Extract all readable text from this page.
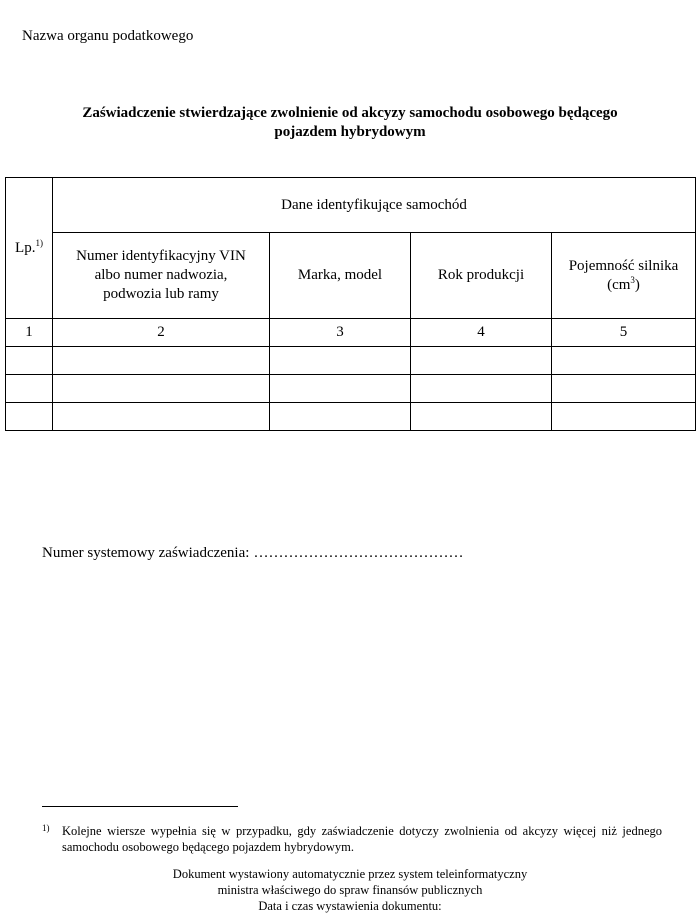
Nazwa organu podatkowego
Zaświadczenie stwierdzające zwolnienie od akcyzy samochodu osobowego będącego
pojazdem hybrydowym
Lp.$^{1)}$	Dane identyfikujące samochód			

	Numer identyfikacyjny VIN
albo numer nadwozia,
podwozia lub ramy	Marka, model	Rok produkcji	Pojemność silnika
$(cm^3)$

1	2	3	4	5

Numer systemowy zaświadczenia: ……………………………………
1)	Kolejne wiersze wypełnia się w przypadku, gdy zaświadczenie dotyczy zwolnienia od akcyzy więcej niż jednego samochodu osobowego będącego pojazdem hybrydowym.
Dokument wystawiony automatycznie przez system teleinformatyczny
ministra właściwego do spraw finansów publicznych
Data i czas wystawienia dokumentu:
